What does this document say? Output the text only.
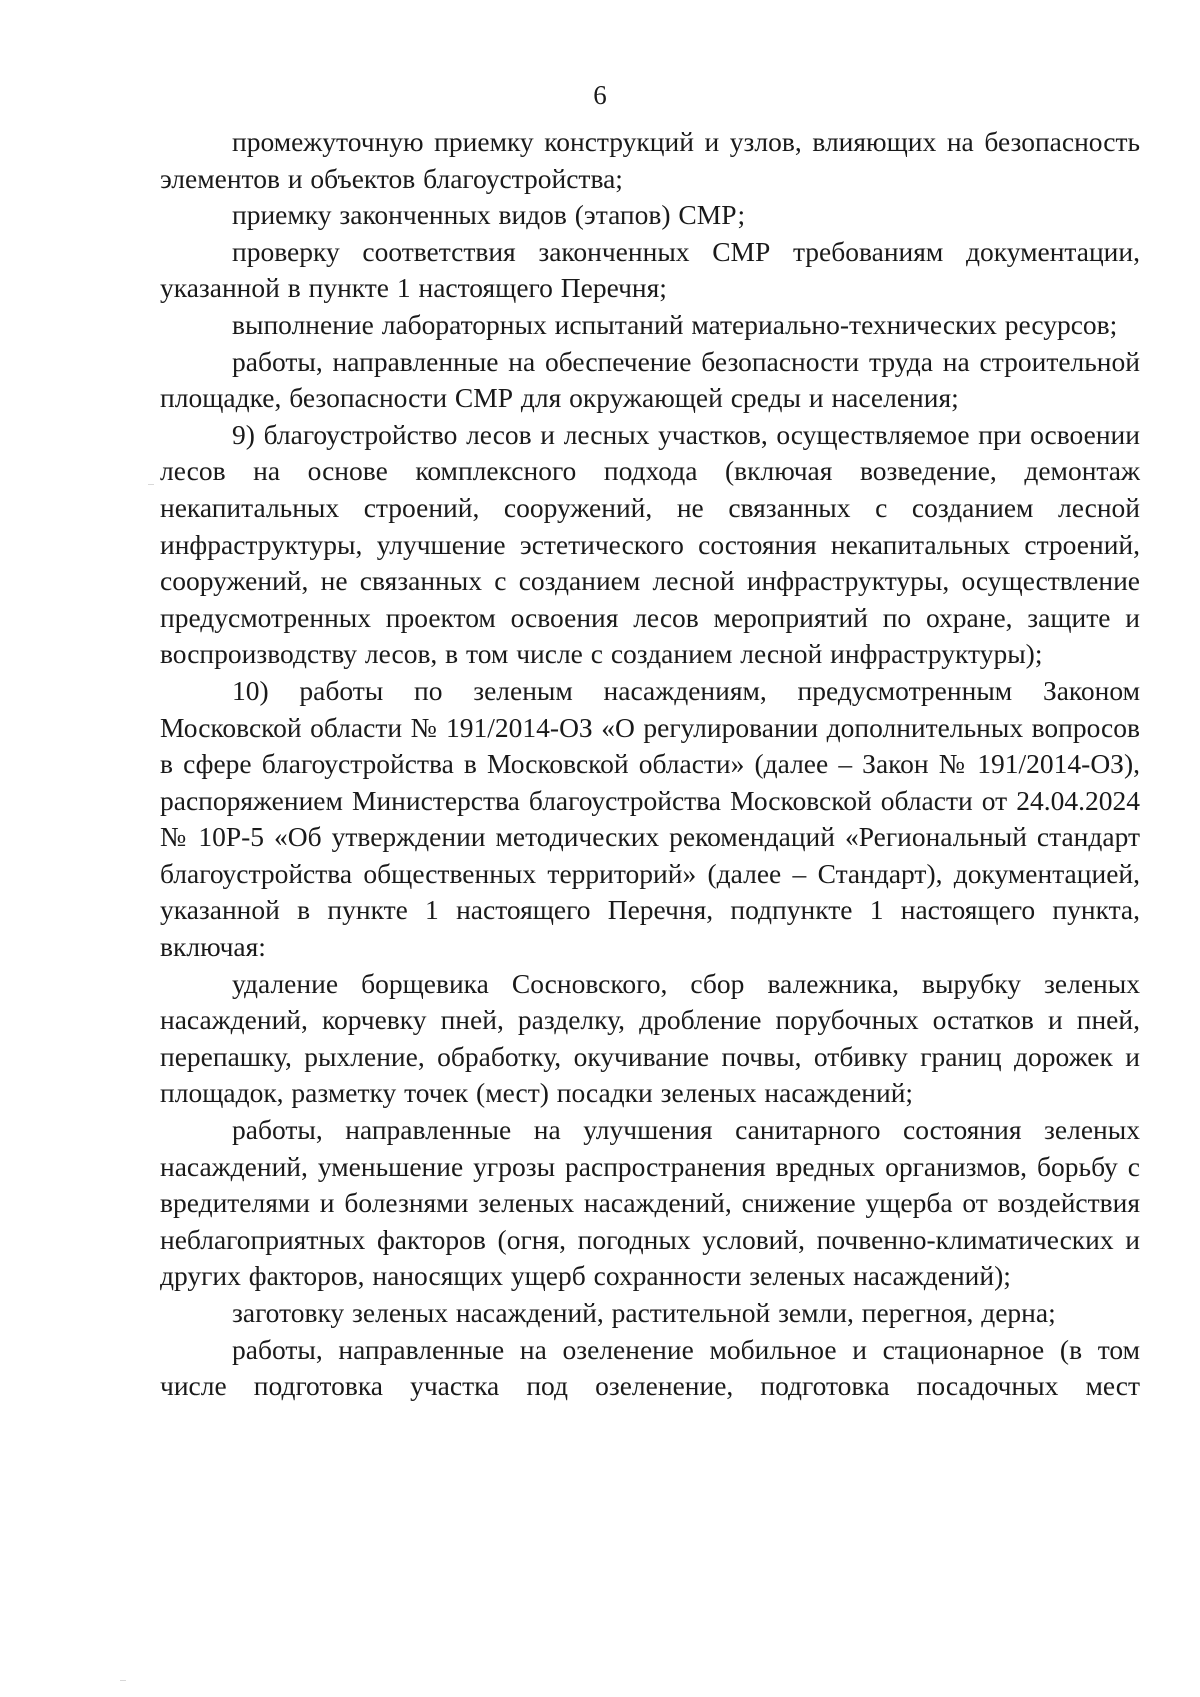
6

промежуточную приемку конструкций и узлов, влияющих на безопасность элементов и объектов благоустройства;

приемку законченных видов (этапов) СМР;

проверку соответствия законченных СМР требованиям документации, указанной в пункте 1 настоящего Перечня;

выполнение лабораторных испытаний материально-технических ресурсов;

работы, направленные на обеспечение безопасности труда на строительной площадке, безопасности СМР для окружающей среды и населения;

9) благоустройство лесов и лесных участков, осуществляемое при освоении лесов на основе комплексного подхода (включая возведение, демонтаж некапитальных строений, сооружений, не связанных с созданием лесной инфраструктуры, улучшение эстетического состояния некапитальных строений, сооружений, не связанных с созданием лесной инфраструктуры, осуществление предусмотренных проектом освоения лесов мероприятий по охране, защите и воспроизводству лесов, в том числе с созданием лесной инфраструктуры);

10) работы по зеленым насаждениям, предусмотренным Законом Московской области № 191/2014-ОЗ «О регулировании дополнительных вопросов в сфере благоустройства в Московской области» (далее – Закон № 191/2014-ОЗ), распоряжением Министерства благоустройства Московской области от 24.04.2024 № 10Р-5 «Об утверждении методических рекомендаций «Региональный стандарт благоустройства общественных территорий» (далее – Стандарт), документацией, указанной в пункте 1 настоящего Перечня, подпункте 1 настоящего пункта, включая:

удаление борщевика Сосновского, сбор валежника, вырубку зеленых насаждений, корчевку пней, разделку, дробление порубочных остатков и пней, перепашку, рыхление, обработку, окучивание почвы, отбивку границ дорожек и площадок, разметку точек (мест) посадки зеленых насаждений;

работы, направленные на улучшения санитарного состояния зеленых насаждений, уменьшение угрозы распространения вредных организмов, борьбу с вредителями и болезнями зеленых насаждений, снижение ущерба от воздействия неблагоприятных факторов (огня, погодных условий, почвенно-климатических и других факторов, наносящих ущерб сохранности зеленых насаждений);

заготовку зеленых насаждений, растительной земли, перегноя, дерна;

работы, направленные на озеленение мобильное и стационарное (в том числе подготовка участка под озеленение, подготовка посадочных мест
